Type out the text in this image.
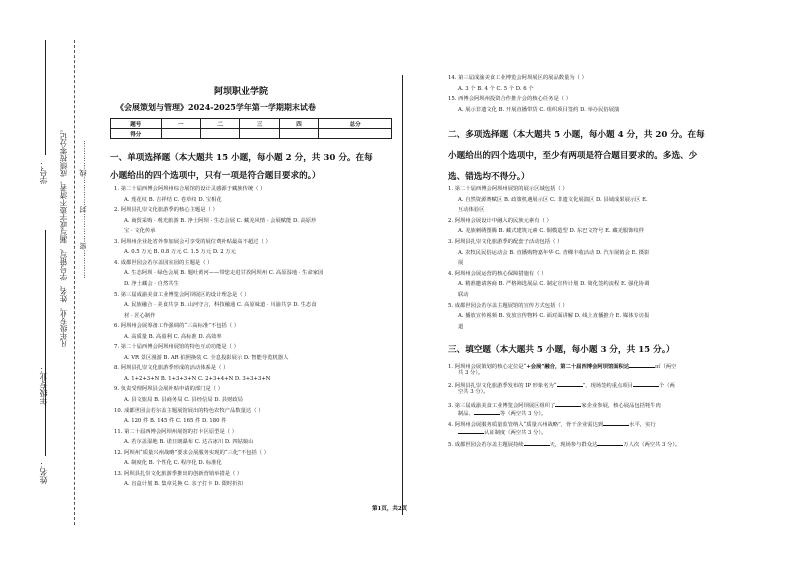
姓名：
年级专业：
学号： 凡年级专业、姓名、学号错写、漏写或字迹不清者，成绩按零分记。 …………密…………封…………线…………
阿坝职业学院
《会展策划与管理》2024-2025学年第一学期期末试卷
题号	一	二	三	四	总分
得分					
一、单项选择题（本大题共 15 小题，每小题 2 分，共 30 分。在每
小题给出的四个选项中，只有一项是符合题目要求的。）
1. 第二十届西博会阿坝州综合展馆的设计灵感源于藏族传统（ ）
A. 莲花纹 B. 吉祥结 C. 卷草纹 D. 宝相花
2. 阿坝县扎崇文化旅游季的核心主题是（ ）
A. 商贸采购 · 观光旅游 B. 净土阿坝 · 生态会展 C. 藏羌风情 · 会展赋能 D. 高原珍
宝 · 文化传承
3. 阿坝州企业赴省外参加展会可享受的展位费补贴最高不超过（ ）
A. 0.5 万元 B. 0.8 万元 C. 1.5 万元 D. 2 万元
4. 成都世园会若尔盖园室园的主题是（ ）
A. 生态阿坝 · 绿色会展 B. 题吐黄河——带您走进甘孜阿坝州 C. 高原湿地 · 生命家园
D. 净土藏会 · 自然共生
5. 第三届成渝美食工业博览会阿坝展区的设计理念是（ ）
A. 民族融合 · 美食共享 B. 山河守言，科技融通 C. 高原味道 · 川渝共享 D. 生态食
材 · 匠心制作
6. 阿坝州会展筹备工作强调的“三高标准”不包括（ ）
A. 高质量 B. 高盈利 C. 高标准 D. 高效率
7. 第二十届西博会阿坝州展馆的特色互动功能是（ ）
A. VR 景区漫游 B. AR 拍照换装 C. 全息投影展示 D. 智能导览机器人
8. 阿坝县扎崇文化旅游季形成的活动体系是（ ）
A. 1+2+3+N B. 1+3+3+N C. 2+3+4+N D. 3+3+3+N
9. 负责受理阿坝县会展补贴申请的部门是（ ）
A. 县文旅局 B. 县商务局 C. 县经信局 D. 县财政局
10. 成都世园会若尔盖主题展馆展出的特色农牧产品数量达（ ）
A. 120 件 B. 145 件 C. 165 件 D. 180 件
11. 第二十届西博会阿坝州展馆的打卡区原型是（ ）
A. 若尔盖湿地 B. 诺日朗瀑布 C. 达古冰川 D. 四姑娘山
12. 阿坝州“质量兴州战略”要求会展服务实现的“三化”不包括（ ）
A. 制度化 B. 个性化 C. 程序化 D. 标准化
13. 阿坝县扎崇文化旅游季推出的创新营销举措是（ ）
A. 盲盒计划 B. 集章兑换 C. 亲子打卡 D. 限时折扣
14. 第三届成渝美食工业博览会阿坝展区的展品数量为（ ）
A. 3 个 B. 4 个 C. 5 个 D. 6 个
15. 西博会阿坝州投资合作推介会的核心任务是（ ）
A. 展示非遗文化 B. 开展直播带货 C. 组织项目签约 D. 举办民俗展演
二、多项选择题（本大题共 5 小题，每小题 4 分，共 20 分。在每
小题给出的四个选项中，至少有两项是符合题目要求的。多选、少
选、错选均不得分。）
1. 第二十届西博会阿坝州展馆的展示区域包括（ ）
A. 自然资源赛赋区 B. 政策机遇展示区 C. 非遗文化展演区 D. 县域成果展示区 E.
互动体验区
2. 阿坝州会展设计中融入的民族元素有（ ）
A. 羌族刺绣图腾 B. 藏式建筑元素 C. 铜模造型 D. 东巴文符号 E. 藏羌服饰纹样
3. 阿坝县扎崇文化旅游季的配套子活动包括（ ）
A. 农牧民民俗运动会 B. 直播购物嘉年华 C. 青稞丰收活动 D. 汽车展销会 E. 摄影
展
4. 阿坝州会展运营的核心保障措施有（ ）
A. 精准邀请客商 B. 严格筛选展品 C. 制定宣传计划 D. 简化签约流程 E. 强化协调
联动
5. 成都世园会若尔盖主题展馆的宣传方式包括（ ）
A. 播放宣传视频 B. 发放宣传物料 C. 面对面讲解 D. 线上直播推介 E. 媒体专访报
道
三、填空题（本大题共 5 小题，每小题 3 分，共 15 分。）
1. 阿坝州会展策划的核心定位是“+会展”融合，第二十届西博会阿坝馆面积达	㎡（两空
共 3 分）。
2. 阿坝县扎崇文化旅游季发布的 IP 形象名为“	”，现场签约重点项目	个（两
空共 3 分）。
3. 第三届成渝美食工业博览会阿坝展区组织了	家企业参展，核心展品包括牦牛肉
制品、	等（两空共 3 分）。
4. 阿坝州会展服务质量监管纳入“质量兴州战略”，骨干企业需达到	水平，实行
认证制度（两空共 3 分）。
5. 成都世园会若尔盖主题展持续	天，现场参与群众达	万人次（两空共 3 分）。
第1页，共2页
